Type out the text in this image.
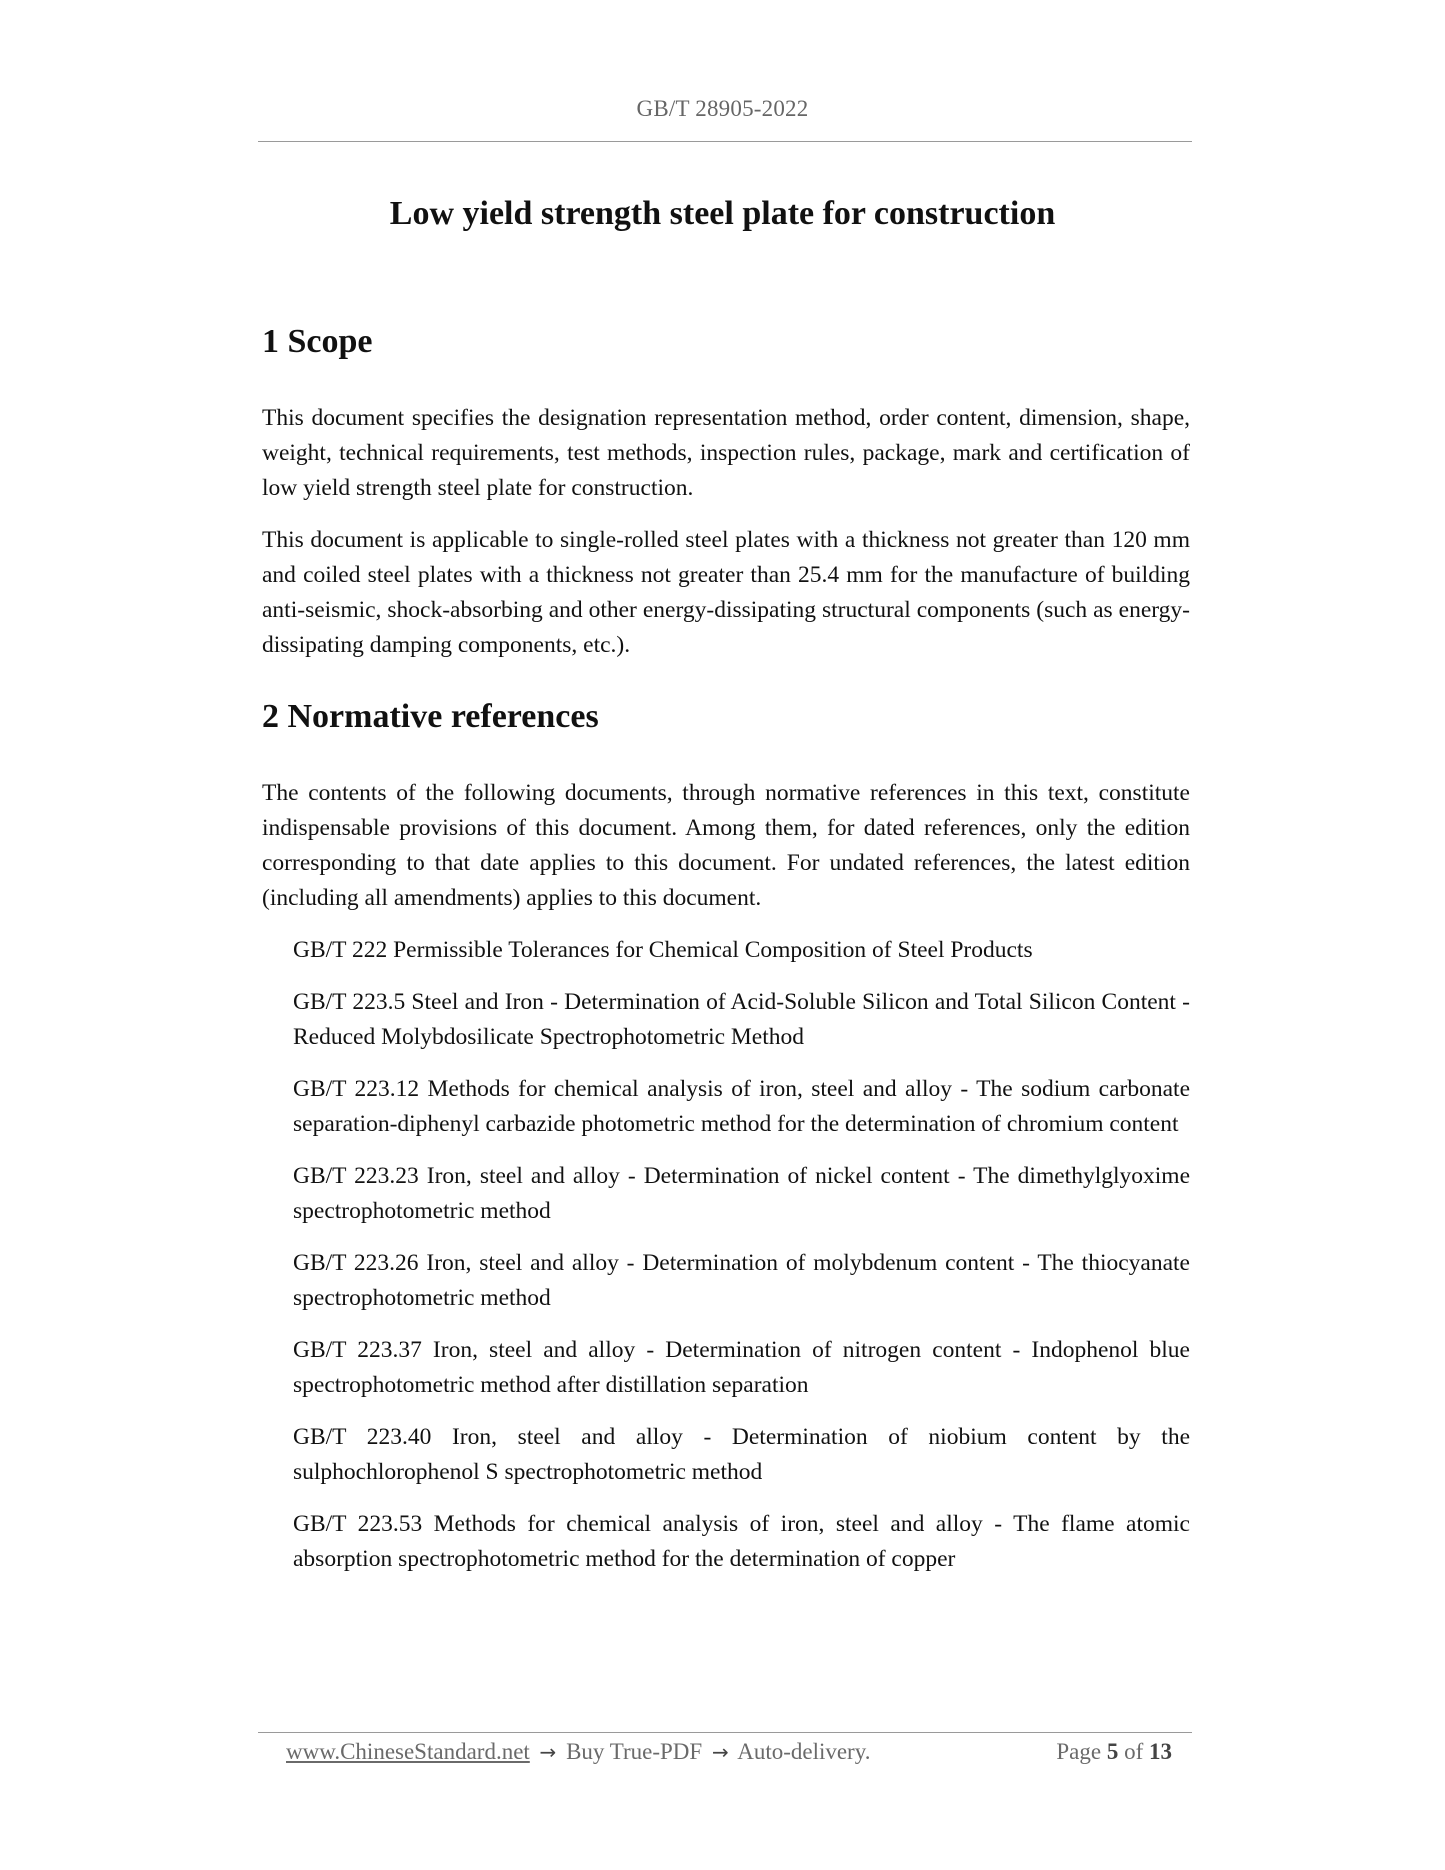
GB/T 28905-2022
Low yield strength steel plate for construction
1 Scope

This document specifies the designation representation method, order content, dimension, shape, weight, technical requirements, test methods, inspection rules, package, mark and certification of low yield strength steel plate for construction.

This document is applicable to single-rolled steel plates with a thickness not greater than 120 mm and coiled steel plates with a thickness not greater than 25.4 mm for the manufacture of building anti-seismic, shock-absorbing and other energy-dissipating structural components (such as energy-dissipating damping components, etc.).

2 Normative references

The contents of the following documents, through normative references in this text, constitute indispensable provisions of this document. Among them, for dated references, only the edition corresponding to that date applies to this document. For undated references, the latest edition (including all amendments) applies to this document.

GB/T 222 Permissible Tolerances for Chemical Composition of Steel Products
GB/T 223.5 Steel and Iron - Determination of Acid-Soluble Silicon and Total Silicon Content - Reduced Molybdosilicate Spectrophotometric Method
GB/T 223.12 Methods for chemical analysis of iron, steel and alloy - The sodium carbonate separation-diphenyl carbazide photometric method for the determination of chromium content
GB/T 223.23 Iron, steel and alloy - Determination of nickel content - The dimethylglyoxime spectrophotometric method
GB/T 223.26 Iron, steel and alloy - Determination of molybdenum content - The thiocyanate spectrophotometric method
GB/T 223.37 Iron, steel and alloy - Determination of nitrogen content - Indophenol blue spectrophotometric method after distillation separation
GB/T 223.40 Iron, steel and alloy - Determination of niobium content by the sulphochlorophenol S spectrophotometric method
GB/T 223.53 Methods for chemical analysis of iron, steel and alloy - The flame atomic absorption spectrophotometric method for the determination of copper
www.ChineseStandard.net → Buy True-PDF → Auto-delivery.	Page 5 of 13
